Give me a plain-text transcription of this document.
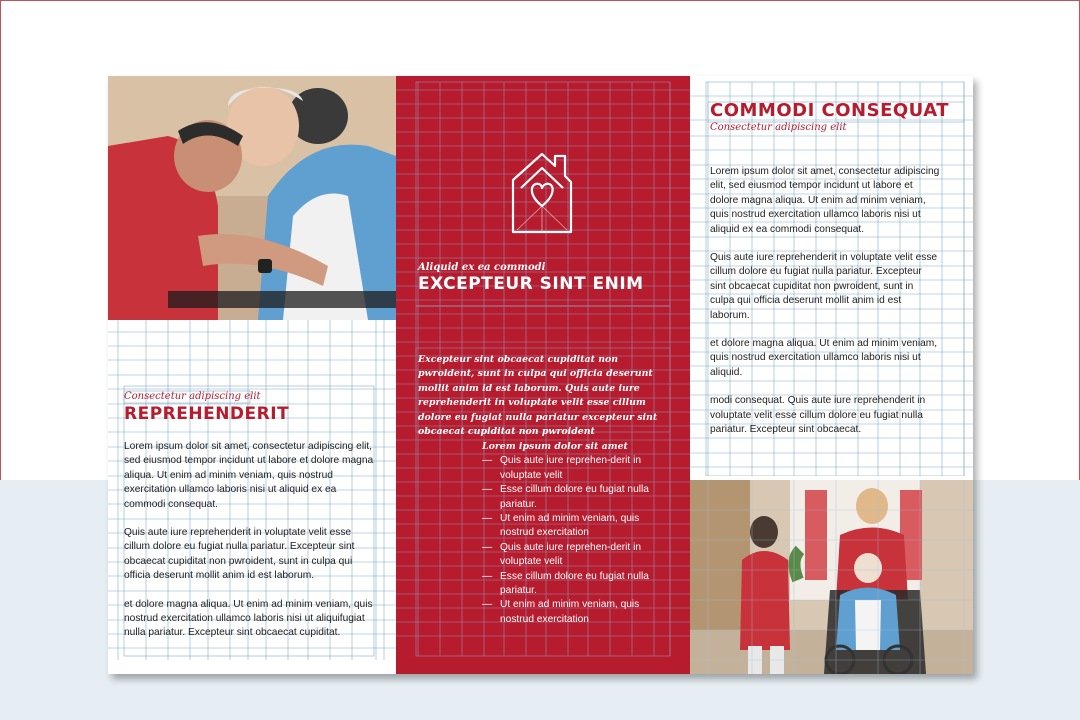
Consectetur adipiscing elit
REPREHENDERIT

Lorem ipsum dolor sit amet, consectetur adipiscing elit, sed eiusmod tempor incidunt ut labore et dolore magna aliqua. Ut enim ad minim veniam, quis nostrud exercitation ullamco laboris nisi ut aliquid ex ea commodi consequat.

Quis aute iure reprehenderit in voluptate velit esse cillum dolore eu fugiat nulla pariatur. Excepteur sint obcaecat cupiditat non pwroident, sunt in culpa qui officia deserunt mollit anim id est laborum.

et dolore magna aliqua. Ut enim ad minim veniam, quis nostrud exercitation ullamco laboris nisi ut aliquifugiat nulla pariatur. Excepteur sint obcaecat cupiditat.

Aliquid ex ea commodi
EXCEPTEUR SINT ENIM
Excepteur sint obcaecat cupiditat non pwroident, sunt in culpa qui officia deserunt mollit anim id est laborum. Quis aute iure reprehenderit in voluptate velit esse cillum dolore eu fugiat nulla pariatur excepteur sint obcaecat cupiditat non pwroident
Lorem ipsum dolor sit amet
— Quis aute iure reprehen-derit in voluptate velit
— Esse cillum dolore eu fugiat nulla pariatur.
— Ut enim ad minim veniam, quis nostrud exercitation
— Quis aute iure reprehen-derit in voluptate velit
— Esse cillum dolore eu fugiat nulla pariatur.
— Ut enim ad minim veniam, quis nostrud exercitation
COMMODI CONSEQUAT
Consectetur adipiscing elit

Lorem ipsum dolor sit amet, consectetur adipiscing elit, sed eiusmod tempor incidunt ut labore et dolore magna aliqua. Ut enim ad minim veniam, quis nostrud exercitation ullamco laboris nisi ut aliquid ex ea commodi consequat.

Quis aute iure reprehenderit in voluptate velit esse cillum dolore eu fugiat nulla pariatur. Excepteur sint obcaecat cupiditat non pwroident, sunt in culpa qui officia deserunt mollit anim id est laborum.

et dolore magna aliqua. Ut enim ad minim veniam, quis nostrud exercitation ullamco laboris nisi ut aliquid.

modi consequat. Quis aute iure reprehenderit in voluptate velit esse cillum dolore eu fugiat nulla pariatur. Excepteur sint obcaecat.
